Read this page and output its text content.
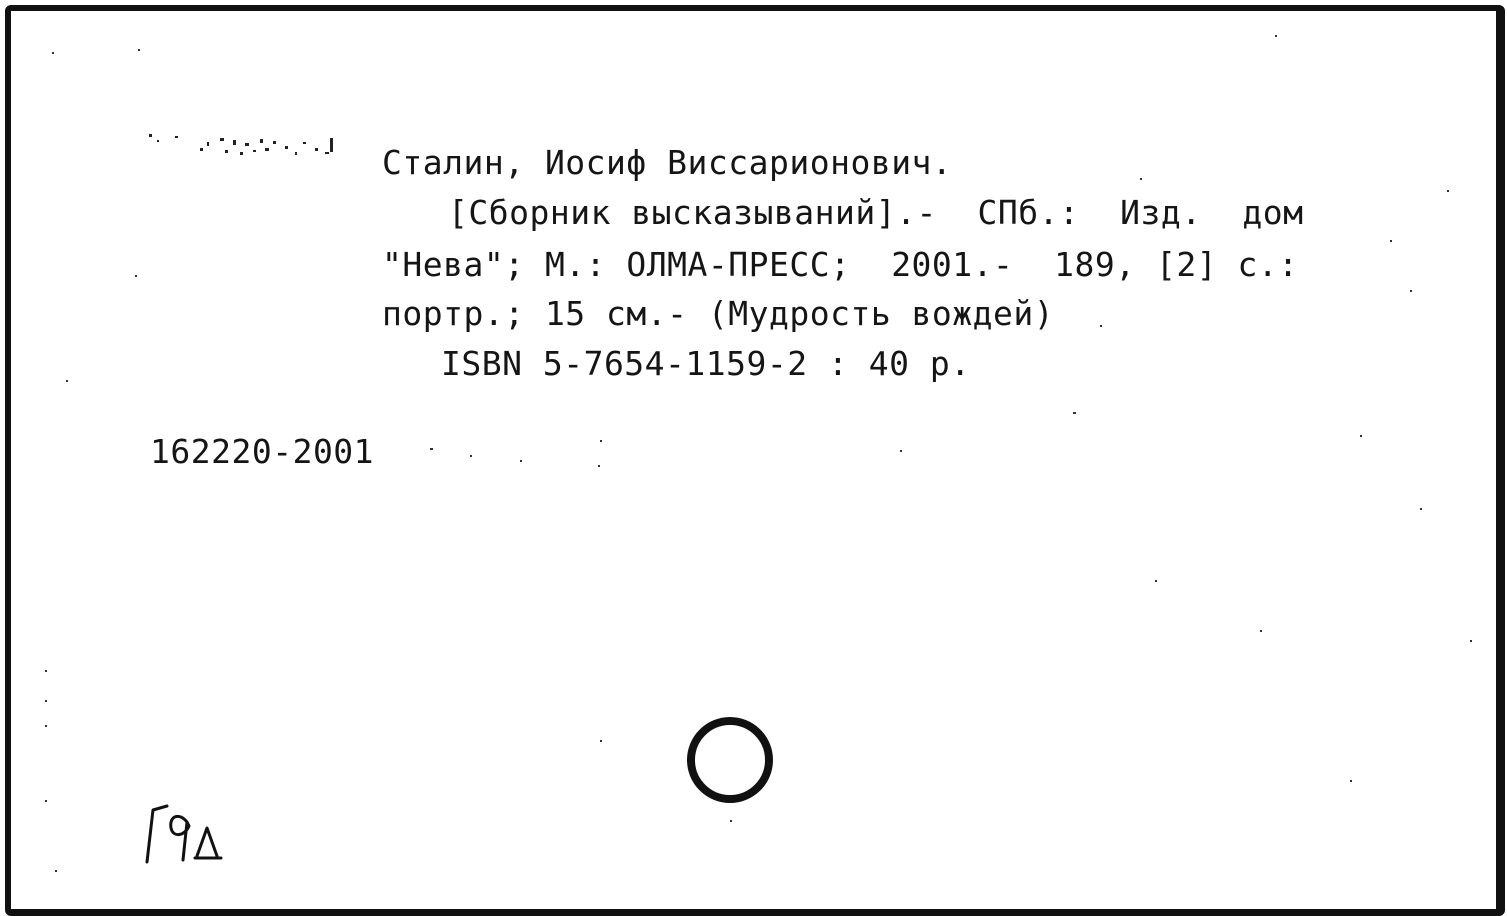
Сталин, Иосиф Виссарионович.
[Сборник высказываний].-  СПб.:  Изд.  дом
"Нева"; М.: ОЛМА-ПРЕСС;  2001.-  189, [2] с.:
портр.; 15 см.- (Мудрость вождей)
ISBN 5-7654-1159-2 : 40 р.
162220-2001
